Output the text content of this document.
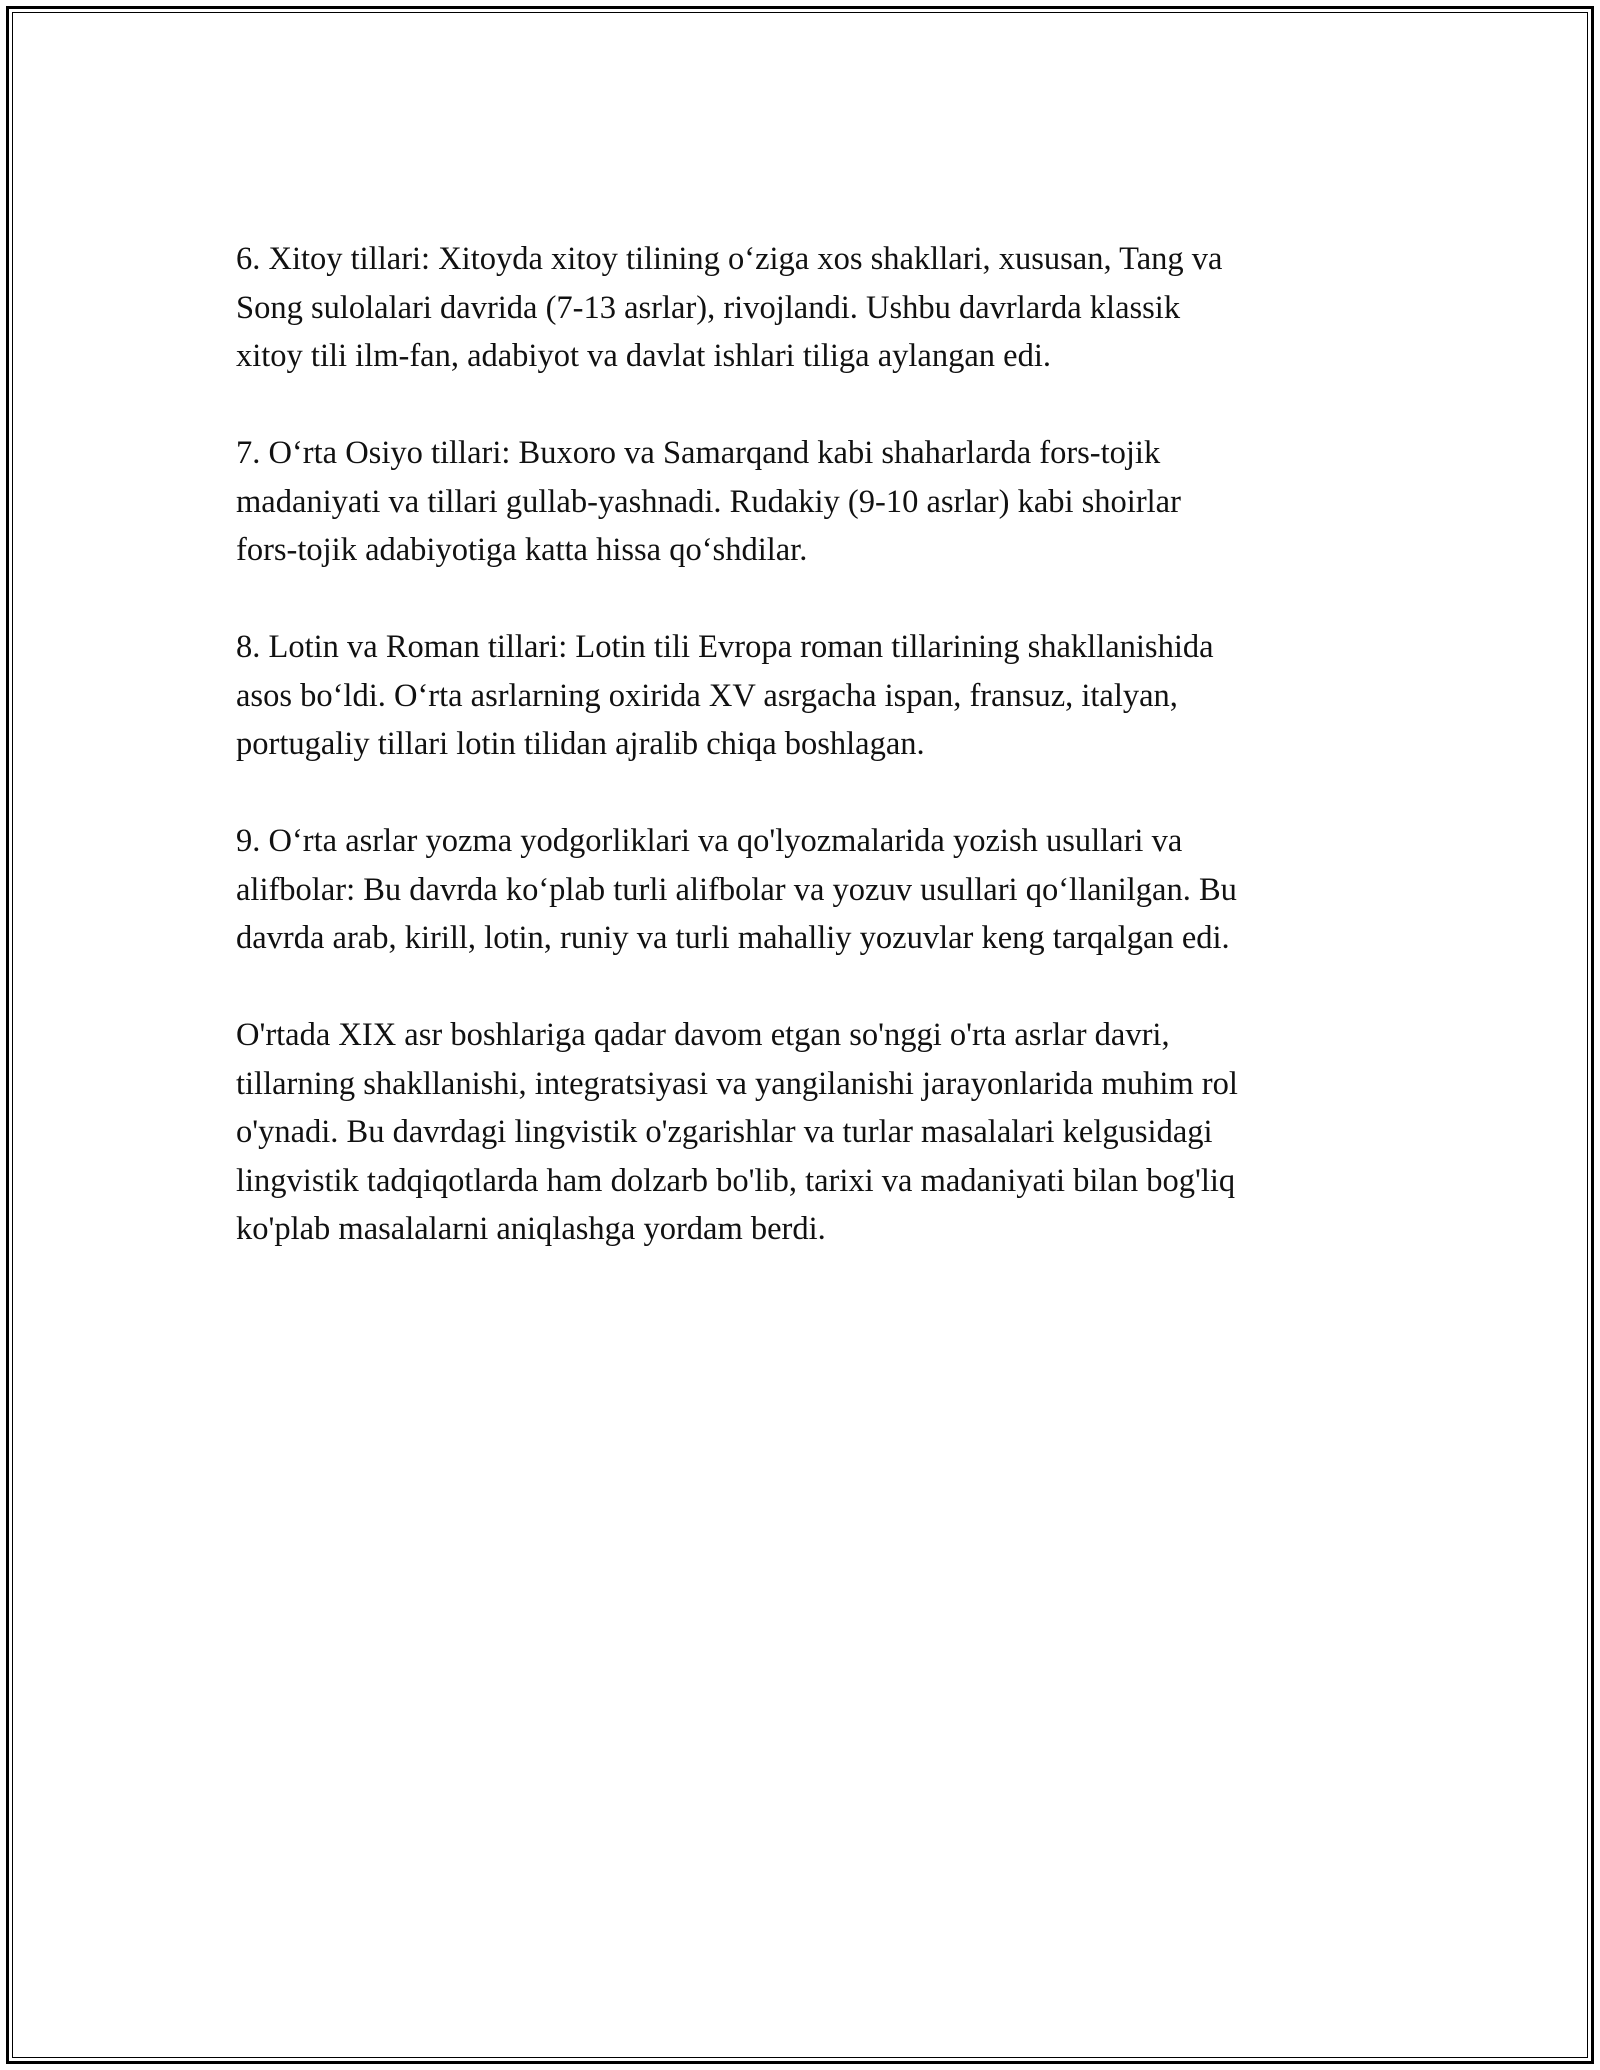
6. Xitoy tillari: Xitoyda xitoy tilining o‘ziga xos shakllari, xususan, Tang va
Song sulolalari davrida (7-13 asrlar), rivojlandi. Ushbu davrlarda klassik
xitoy tili ilm-fan, adabiyot va davlat ishlari tiliga aylangan edi.

7. O‘rta Osiyo tillari: Buxoro va Samarqand kabi shaharlarda fors-tojik
madaniyati va tillari gullab-yashnadi. Rudakiy (9-10 asrlar) kabi shoirlar
fors-tojik adabiyotiga katta hissa qo‘shdilar.

8. Lotin va Roman tillari: Lotin tili Evropa roman tillarining shakllanishida
asos bo‘ldi. O‘rta asrlarning oxirida XV asrgacha ispan, fransuz, italyan,
portugaliy tillari lotin tilidan ajralib chiqa boshlagan.

9. O‘rta asrlar yozma yodgorliklari va qo'lyozmalarida yozish usullari va
alifbolar: Bu davrda ko‘plab turli alifbolar va yozuv usullari qo‘llanilgan. Bu
davrda arab, kirill, lotin, runiy va turli mahalliy yozuvlar keng tarqalgan edi.

O'rtada XIX asr boshlariga qadar davom etgan so'nggi o'rta asrlar davri,
tillarning shakllanishi, integratsiyasi va yangilanishi jarayonlarida muhim rol
o'ynadi. Bu davrdagi lingvistik o'zgarishlar va turlar masalalari kelgusidagi
lingvistik tadqiqotlarda ham dolzarb bo'lib, tarixi va madaniyati bilan bog'liq
ko'plab masalalarni aniqlashga yordam berdi.
